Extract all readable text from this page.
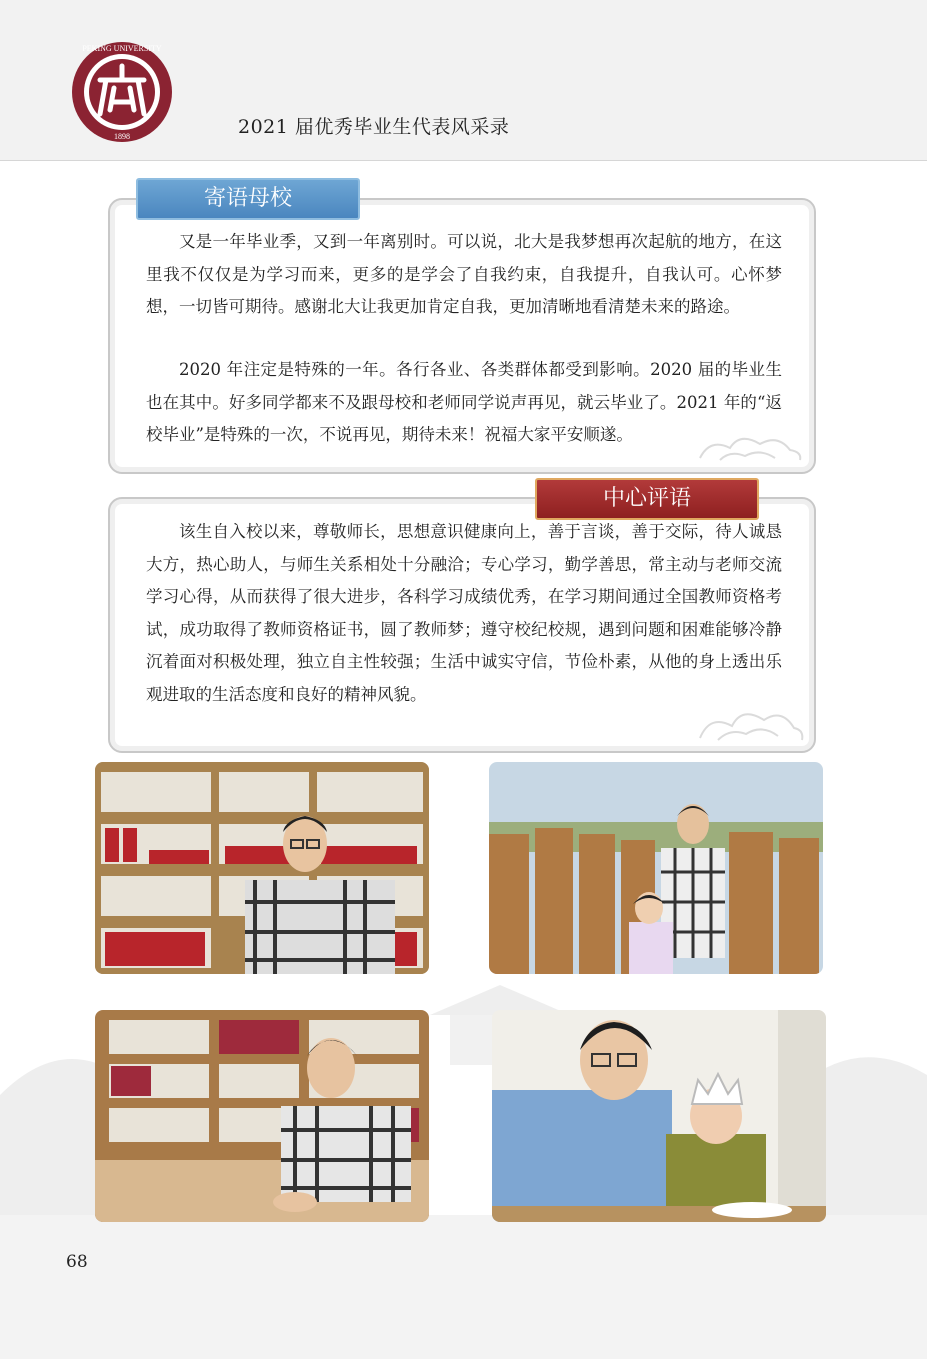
PEKING UNIVERSITY
1898	2021 届优秀毕业生代表风采录
寄语母校

又是一年毕业季，又到一年离别时。可以说，北大是我梦想再次起航的地方，在这里我不仅仅是为学习而来，更多的是学会了自我约束，自我提升，自我认可。心怀梦想，一切皆可期待。感谢北大让我更加肯定自我，更加清晰地看清楚未来的路途。

2020 年注定是特殊的一年。各行各业、各类群体都受到影响。2020 届的毕业生也在其中。好多同学都来不及跟母校和老师同学说声再见，就云毕业了。2021 年的“返校毕业”是特殊的一次，不说再见，期待未来！祝福大家平安顺遂。

中心评语

该生自入校以来，尊敬师长，思想意识健康向上，善于言谈，善于交际，待人诚恳大方，热心助人，与师生关系相处十分融洽；专心学习，勤学善思，常主动与老师交流学习心得，从而获得了很大进步，各科学习成绩优秀，在学习期间通过全国教师资格考试，成功取得了教师资格证书，圆了教师梦；遵守校纪校规，遇到问题和困难能够冷静沉着面对积极处理，独立自主性较强；生活中诚实守信，节俭朴素，从他的身上透出乐观进取的生活态度和良好的精神风貌。

68
